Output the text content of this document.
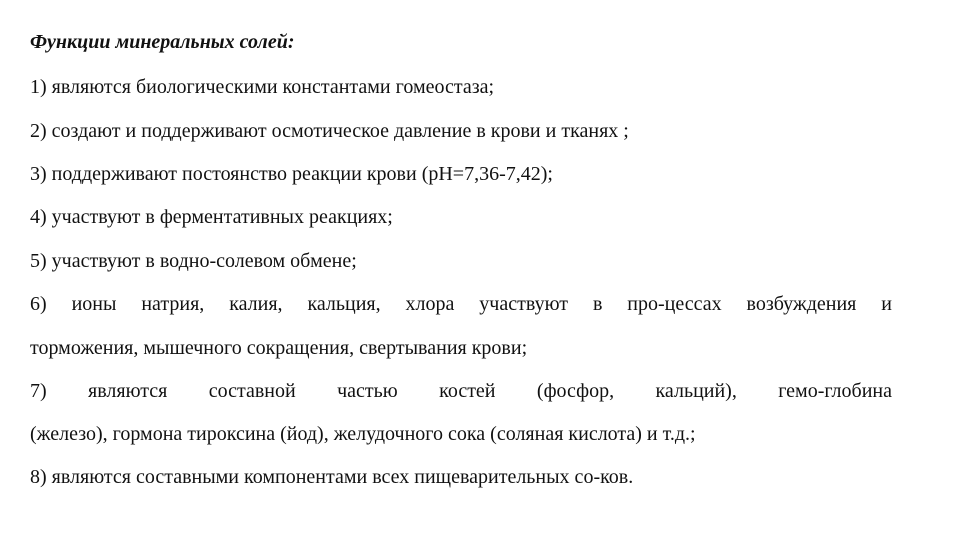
Функции минеральных солей:
1) являются биологическими константами гомеостаза;
2) создают и поддерживают осмотическое давление в крови и тканях ;
3) поддерживают постоянство реакции крови (рН=7,36-7,42);
4) участвуют в ферментативных реакциях;
5) участвуют в водно-солевом обмене;
6) ионы натрия, калия, кальция, хлора участвуют в про-цессах возбуждения и
торможения, мышечного сокращения, свертывания крови;
7) являются составной частью костей (фосфор, кальций), гемо-глобина
(железо), гормона тироксина (йод), желудочного сока (соляная кислота) и т.д.;
8) являются составными компонентами всех пищеварительных со-ков.
